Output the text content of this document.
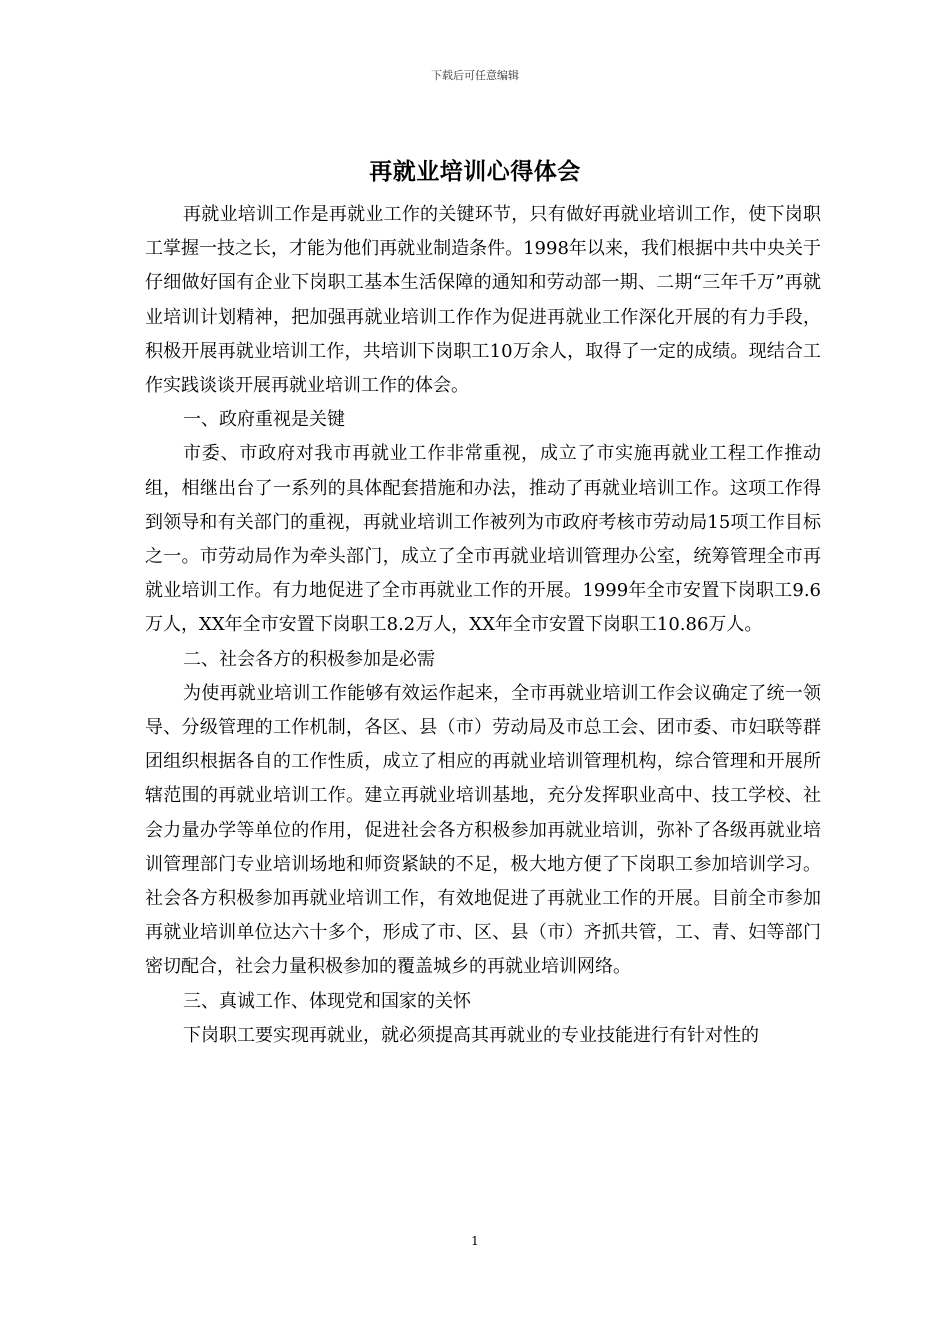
下载后可任意编辑
再就业培训心得体会

再就业培训工作是再就业工作的关键环节，只有做好再就业培训工作，使下岗职工掌握一技之长，才能为他们再就业制造条件。1998年以来，我们根据中共中央关于仔细做好国有企业下岗职工基本生活保障的通知和劳动部一期、二期“三年千万”再就业培训计划精神，把加强再就业培训工作作为促进再就业工作深化开展的有力手段，积极开展再就业培训工作，共培训下岗职工10万余人，取得了一定的成绩。现结合工作实践谈谈开展再就业培训工作的体会。

一、政府重视是关键

市委、市政府对我市再就业工作非常重视，成立了市实施再就业工程工作推动组，相继出台了一系列的具体配套措施和办法，推动了再就业培训工作。这项工作得到领导和有关部门的重视，再就业培训工作被列为市政府考核市劳动局15项工作目标之一。市劳动局作为牵头部门，成立了全市再就业培训管理办公室，统筹管理全市再就业培训工作。有力地促进了全市再就业工作的开展。1999年全市安置下岗职工9.6万人，XX年全市安置下岗职工8.2万人，XX年全市安置下岗职工10.86万人。

二、社会各方的积极参加是必需

为使再就业培训工作能够有效运作起来，全市再就业培训工作会议确定了统一领导、分级管理的工作机制，各区、县（市）劳动局及市总工会、团市委、市妇联等群团组织根据各自的工作性质，成立了相应的再就业培训管理机构，综合管理和开展所辖范围的再就业培训工作。建立再就业培训基地，充分发挥职业高中、技工学校、社会力量办学等单位的作用，促进社会各方积极参加再就业培训，弥补了各级再就业培训管理部门专业培训场地和师资紧缺的不足，极大地方便了下岗职工参加培训学习。社会各方积极参加再就业培训工作，有效地促进了再就业工作的开展。目前全市参加再就业培训单位达六十多个，形成了市、区、县（市）齐抓共管，工、青、妇等部门密切配合，社会力量积极参加的覆盖城乡的再就业培训网络。

三、真诚工作、体现党和国家的关怀

下岗职工要实现再就业，就必须提高其再就业的专业技能进行有针对性的

1
